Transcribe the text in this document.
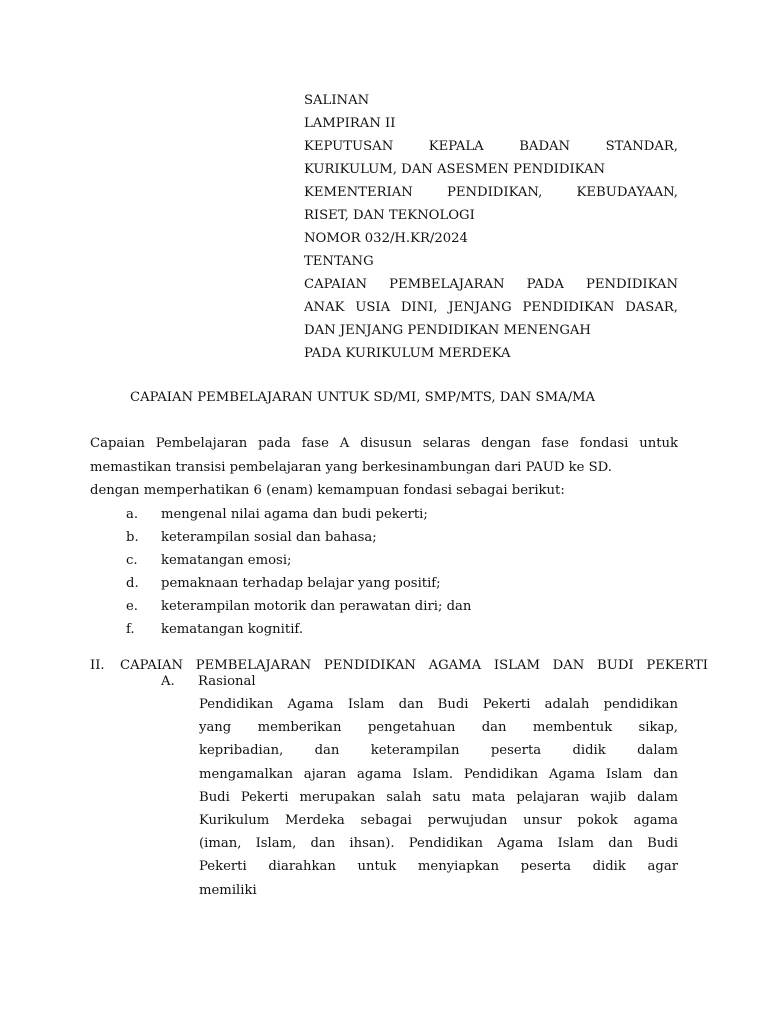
SALINAN
LAMPIRAN II
KEPUTUSAN KEPALA BADAN STANDAR,
KURIKULUM, DAN ASESMEN PENDIDIKAN
KEMENTERIAN PENDIDIKAN, KEBUDAYAAN,
RISET, DAN TEKNOLOGI
NOMOR 032/H.KR/2024
TENTANG
CAPAIAN PEMBELAJARAN PADA PENDIDIKAN
ANAK USIA DINI, JENJANG PENDIDIKAN DASAR,
DAN JENJANG PENDIDIKAN MENENGAH
PADA KURIKULUM MERDEKA
CAPAIAN PEMBELAJARAN UNTUK SD/MI, SMP/MTS, DAN SMA/MA
Capaian Pembelajaran pada fase A disusun selaras dengan fase fondasi untuk
memastikan transisi pembelajaran yang berkesinambungan dari PAUD ke SD.
dengan memperhatikan 6 (enam) kemampuan fondasi sebagai berikut:
a.	mengenal nilai agama dan budi pekerti;
b.	keterampilan sosial dan bahasa;
c.	kematangan emosi;
d.	pemaknaan terhadap belajar yang positif;
e.	keterampilan motorik dan perawatan diri; dan
f.	kematangan kognitif.
II. CAPAIAN PEMBELAJARAN PENDIDIKAN AGAMA ISLAM DAN BUDI PEKERTI
A. Rasional
Pendidikan Agama Islam dan Budi Pekerti adalah pendidikan
yang memberikan pengetahuan dan membentuk sikap,
kepribadian, dan keterampilan peserta didik dalam
mengamalkan ajaran agama Islam. Pendidikan Agama Islam dan
Budi Pekerti merupakan salah satu mata pelajaran wajib dalam
Kurikulum Merdeka sebagai perwujudan unsur pokok agama
(iman, Islam, dan ihsan). Pendidikan Agama Islam dan Budi
Pekerti diarahkan untuk menyiapkan peserta didik agar
memiliki
